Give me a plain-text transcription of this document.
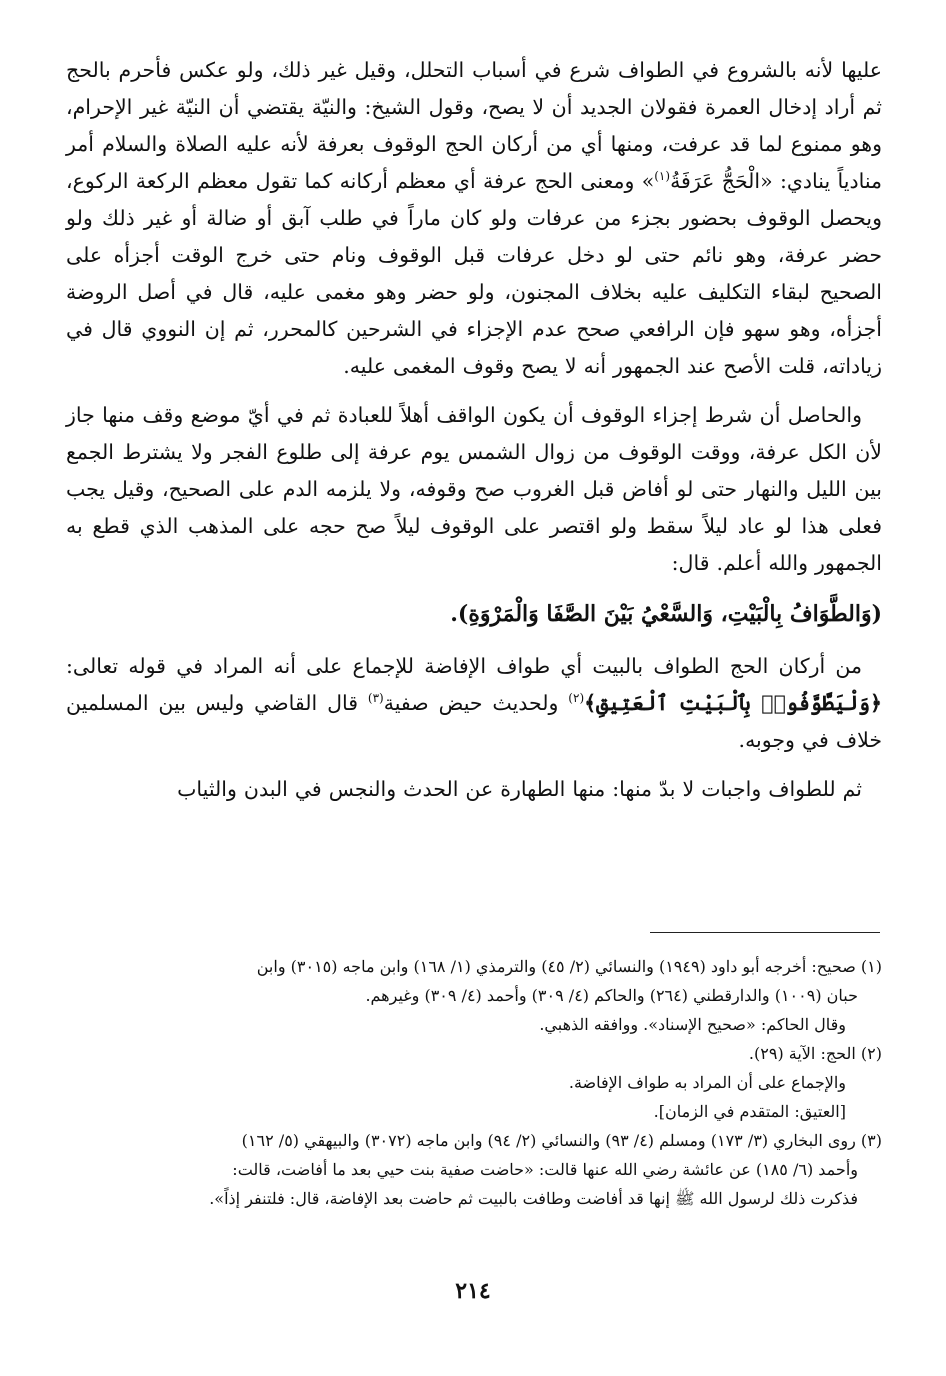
عليها لأنه بالشروع في الطواف شرع في أسباب التحلل، وقيل غير ذلك، ولو عكس فأحرم بالحج ثم أراد إدخال العمرة فقولان الجديد أن لا يصح، وقول الشيخ: والنيّة يقتضي أن النيّة غير الإحرام، وهو ممنوع لما قد عرفت، ومنها أي من أركان الحج الوقوف بعرفة لأنه عليه الصلاة والسلام أمر منادياً ينادي: «الْحَجُّ عَرَفَةُ$^{(١)}$» ومعنى الحج عرفة أي معظم أركانه كما تقول معظم الركعة الركوع، ويحصل الوقوف بحضور بجزء من عرفات ولو كان ماراً في طلب آبق أو ضالة أو غير ذلك ولو حضر عرفة، وهو نائم حتى لو دخل عرفات قبل الوقوف ونام حتى خرج الوقت أجزأه على الصحيح لبقاء التكليف عليه بخلاف المجنون، ولو حضر وهو مغمى عليه، قال في أصل الروضة أجزأه، وهو سهو فإن الرافعي صحح عدم الإجزاء في الشرحين كالمحرر، ثم إن النووي قال في زياداته، قلت الأصح عند الجمهور أنه لا يصح وقوف المغمى عليه.

والحاصل أن شرط إجزاء الوقوف أن يكون الواقف أهلاً للعبادة ثم في أيّ موضع وقف منها جاز لأن الكل عرفة، ووقت الوقوف من زوال الشمس يوم عرفة إلى طلوع الفجر ولا يشترط الجمع بين الليل والنهار حتى لو أفاض قبل الغروب صح وقوفه، ولا يلزمه الدم على الصحيح، وقيل يجب فعلى هذا لو عاد ليلاً سقط ولو اقتصر على الوقوف ليلاً صح حجه على المذهب الذي قطع به الجمهور والله أعلم. قال:

(وَالطَّوَافُ بِالْبَيْتِ، وَالسَّعْيُ بَيْنَ الصَّفَا وَالْمَرْوَةِ).

من أركان الحج الطواف بالبيت أي طواف الإفاضة للإجماع على أنه المراد في قوله تعالى: ﴿وَلْيَطَّوَّفُوا۟ بِٱلْبَيْتِ ٱلْعَتِيقِ﴾$^{(٢)}$ ولحديث حيض صفية$^{(٣)}$ قال القاضي وليس بين المسلمين خلاف في وجوبه.

ثم للطواف واجبات لا بدّ منها: منها الطهارة عن الحدث والنجس في البدن والثياب

(١) صحيح: أخرجه أبو داود (١٩٤٩) والنسائي (٢/ ٤٥) والترمذي (١/ ١٦٨) وابن ماجه (٣٠١٥) وابن

حبان (١٠٠٩) والدارقطني (٢٦٤) والحاكم (٤/ ٣٠٩) وأحمد (٤/ ٣٠٩) وغيرهم.

وقال الحاكم: «صحيح الإسناد». ووافقه الذهبي.

(٢) الحج: الآية (٢٩).

والإجماع على أن المراد به طواف الإفاضة.

[العتيق: المتقدم في الزمان].

(٣) روى البخاري (٣/ ١٧٣) ومسلم (٤/ ٩٣) والنسائي (٢/ ٩٤) وابن ماجه (٣٠٧٢) والبيهقي (٥/ ١٦٢)

وأحمد (٦/ ١٨٥) عن عائشة رضي الله عنها قالت: «حاضت صفية بنت حيي بعد ما أفاضت، قالت:

فذكرت ذلك لرسول الله ﷺ إنها قد أفاضت وطافت بالبيت ثم حاضت بعد الإفاضة، قال: فلتنفر إذاً».

٢١٤
